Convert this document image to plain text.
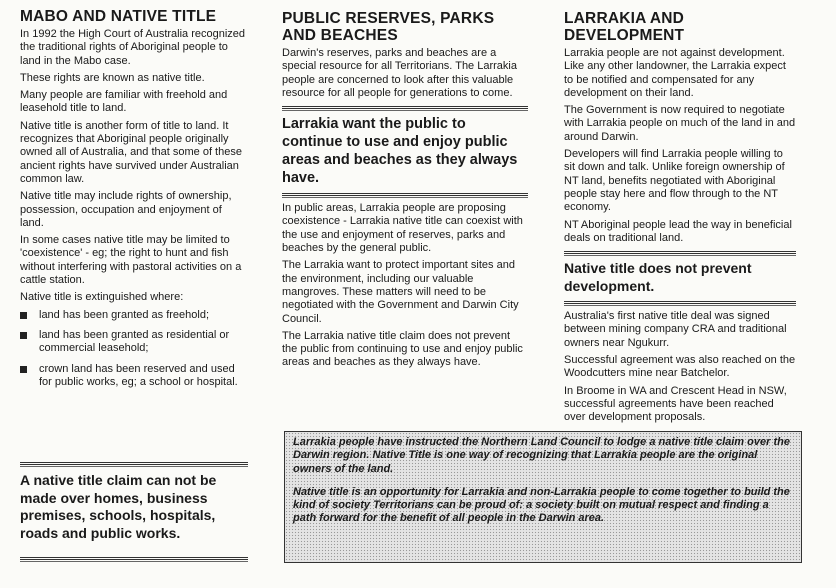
MABO AND NATIVE TITLE

In 1992 the High Court of Australia recognized the traditional rights of Aboriginal people to land in the Mabo case.

These rights are known as native title.

Many people are familiar with freehold and leasehold title to land.

Native title is another form of title to land. It recognizes that Aboriginal people originally owned all of Australia, and that some of these ancient rights have survived under Australian common law.

Native title may include rights of ownership, possession, occupation and enjoyment of land.

In some cases native title may be limited to 'coexistence' - eg; the right to hunt and fish without interfering with pastoral activities on a cattle station.

Native title is extinguished where:

land has been granted as freehold;
land has been granted as residential or commercial leasehold;
crown land has been reserved and used for public works, eg; a school or hospital.

A native title claim can not be made over homes, business premises, schools, hospitals, roads and public works.

PUBLIC RESERVES, PARKS AND BEACHES

Darwin's reserves, parks and beaches are a special resource for all Territorians. The Larrakia people are concerned to look after this valuable resource for all people for generations to come.

Larrakia want the public to continue to use and enjoy public areas and beaches as they always have.

In public areas, Larrakia people are proposing coexistence - Larrakia native title can coexist with the use and enjoyment of reserves, parks and beaches by the general public.

The Larrakia want to protect important sites and the environment, including our valuable mangroves. These matters will need to be negotiated with the Government and Darwin City Council.

The Larrakia native title claim does not prevent the public from continuing to use and enjoy public areas and beaches as they always have.

LARRAKIA AND DEVELOPMENT

Larrakia people are not against development. Like any other landowner, the Larrakia expect to be notified and compensated for any development on their land.

The Government is now required to negotiate with Larrakia people on much of the land in and around Darwin.

Developers will find Larrakia people willing to sit down and talk. Unlike foreign ownership of NT land, benefits negotiated with Aboriginal people stay here and flow through to the NT economy.

NT Aboriginal people lead the way in beneficial deals on traditional land.

Native title does not prevent development.

Australia's first native title deal was signed between mining company CRA and traditional owners near Ngukurr.

Successful agreement was also reached on the Woodcutters mine near Batchelor.

In Broome in WA and Crescent Head in NSW, successful agreements have been reached over development proposals.

Larrakia people have instructed the Northern Land Council to lodge a native title claim over the Darwin region. Native Title is one way of recognizing that Larrakia people are the original owners of the land.

Native title is an opportunity for Larrakia and non-Larrakia people to come together to build the kind of society Territorians can be proud of: a society built on mutual respect and finding a path forward for the benefit of all people in the Darwin area.
